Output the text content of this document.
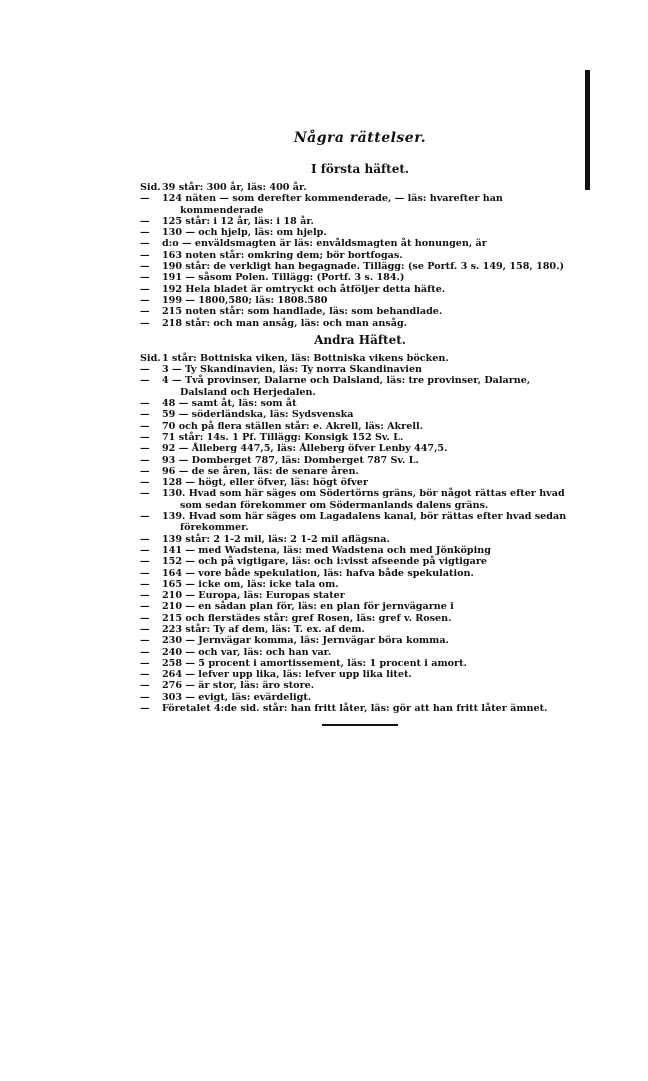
Några rättelser.
I första häftet.
Sid. 39 står: 300 år, läs: 400 år.
—	124 näten — som derefter kommenderade, — läs: hvarefter han kommenderade
—	125 står: i 12 år, läs: i 18 år.
—	130 — och hjelp, läs: om hjelp.
—	d:o — enväldsmagten är läs: envåldsmagten åt honungen, är
—	163 noten står: omkring dem; bör bortfogas.
—	190 står: de verkligt han begagnade. Tillägg: (se Portf. 3 s. 149, 158, 180.)
—	191 — såsom Polen. Tillägg: (Portf. 3 s. 184.)
—	192 Hela bladet är omtryckt och åtföljer detta häfte.
—	199 — 1800,580; läs: 1808.580
—	215 noten står: som handlade, läs: som behandlade.
—	218 står: och man ansåg, läs: och man ansåg.
Andra Häftet.
Sid. 1 står: Bottniska viken, läs: Bottniska vikens böcken.
—	3 — Ty Skandinavien, läs: Ty norra Skandinavien
—	4 — Två provinser, Dalarne och Dalsland, läs: tre provinser, Dalarne, Dalsland och Herjedalen.
—	48 — samt åt, läs: som åt
—	59 — söderländska, läs: Sydsvenska
—	70 och på flera ställen står: e. Akrell, läs: Akrell.
—	71 står: 14s. 1 Pf. Tillägg: Konsigk 152 Sv. L.
—	92 — Ålleberg 447,5, läs: Ålleberg öfver Lenby 447,5.
—	93 — Domberget 787, läs: Domberget 787 Sv. L.
—	96 — de se åren, läs: de senare åren.
—	128 — högt, eller öfver, läs: högt öfver
—	130. Hvad som här säges om Södertörns gräns, bör något rättas efter hvad som sedan förekommer om Södermanlands dalens gräns.
—	139. Hvad som här säges om Lagadalens kanal, bör rättas efter hvad sedan förekommer.
—	139 står: 2 1-2 mil, läs: 2 1-2 mil aflägsna.
—	141 — med Wadstena, läs: med Wadstena och med Jönköping
—	152 — och på vigtigare, läs: och i:visst afseende på vigtigare
—	164 — vore både spekulation, läs: hafva både spekulation.
—	165 — icke om, läs: icke tala om.
—	210 — Europa, läs: Europas stater
—	210 — en sådan plan för, läs: en plan för jernvägarne i
—	215 och flerstädes står: gref Rosen, läs: gref v. Rosen.
—	223 står: Ty af dem, läs: T. ex. af dem.
—	230 — Jernvägar komma, läs: Jernvägar böra komma.
—	240 — och var, läs: och han var.
—	258 — 5 procent i amortissement, läs: 1 procent i amort.
—	264 — lefver upp lika, läs: lefver upp lika litet.
—	276 — är stor, läs: äro store.
—	303 — evigt, läs: evärdeligt.
—	Företalet 4:de sid. står: han fritt låter, läs: gör att han fritt låter ämnet.
